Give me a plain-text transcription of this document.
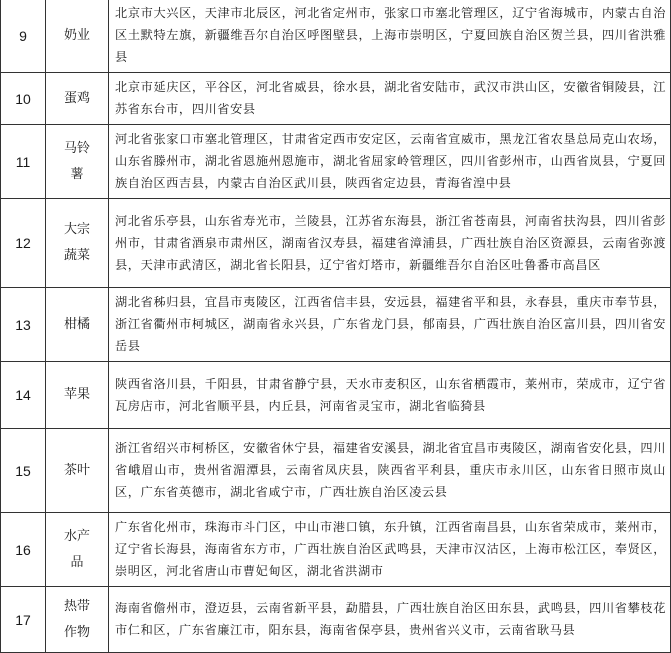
9	奶业	北京市大兴区，天津市北辰区，河北省定州市，张家口市塞北管理区，辽宁省海城市，内蒙古自治区土默特左旗，新疆维吾尔自治区呼图壁县，上海市崇明区，宁夏回族自治区贺兰县，四川省洪雅县
10	蛋鸡	北京市延庆区，平谷区，河北省威县，徐水县，湖北省安陆市，武汉市洪山区，安徽省铜陵县，江苏省东台市，四川省安县
11	马铃薯	河北省张家口市塞北管理区，甘肃省定西市安定区，云南省宣威市，黑龙江省农垦总局克山农场，山东省滕州市，湖北省恩施州恩施市，湖北省屈家岭管理区，四川省彭州市，山西省岚县，宁夏回族自治区西吉县，内蒙古自治区武川县，陕西省定边县，青海省湟中县
12	大宗蔬菜	河北省乐亭县，山东省寿光市，兰陵县，江苏省东海县，浙江省苍南县，河南省扶沟县，四川省彭州市，甘肃省酒泉市肃州区，湖南省汉寿县，福建省漳浦县，广西壮族自治区资源县，云南省弥渡县，天津市武清区，湖北省长阳县，辽宁省灯塔市，新疆维吾尔自治区吐鲁番市高昌区
13	柑橘	湖北省秭归县，宜昌市夷陵区，江西省信丰县，安远县，福建省平和县，永春县，重庆市奉节县，浙江省衢州市柯城区，湖南省永兴县，广东省龙门县，郁南县，广西壮族自治区富川县，四川省安岳县
14	苹果	陕西省洛川县，千阳县，甘肃省静宁县，天水市麦积区，山东省栖霞市，莱州市，荣成市，辽宁省瓦房店市，河北省顺平县，内丘县，河南省灵宝市，湖北省临猗县
15	茶叶	浙江省绍兴市柯桥区，安徽省休宁县，福建省安溪县，湖北省宜昌市夷陵区，湖南省安化县，四川省峨眉山市，贵州省湄潭县，云南省凤庆县，陕西省平利县，重庆市永川区，山东省日照市岚山区，广东省英德市，湖北省咸宁市，广西壮族自治区凌云县
16	水产品	广东省化州市，珠海市斗门区，中山市港口镇，东升镇，江西省南昌县，山东省荣成市，莱州市，辽宁省长海县，海南省东方市，广西壮族自治区武鸣县，天津市汉沽区，上海市松江区，奉贤区，崇明区，河北省唐山市曹妃甸区，湖北省洪湖市
17	热带作物	海南省儋州市，澄迈县，云南省新平县，勐腊县，广西壮族自治区田东县，武鸣县，四川省攀枝花市仁和区，广东省廉江市，阳东县，海南省保亭县，贵州省兴义市，云南省耿马县
